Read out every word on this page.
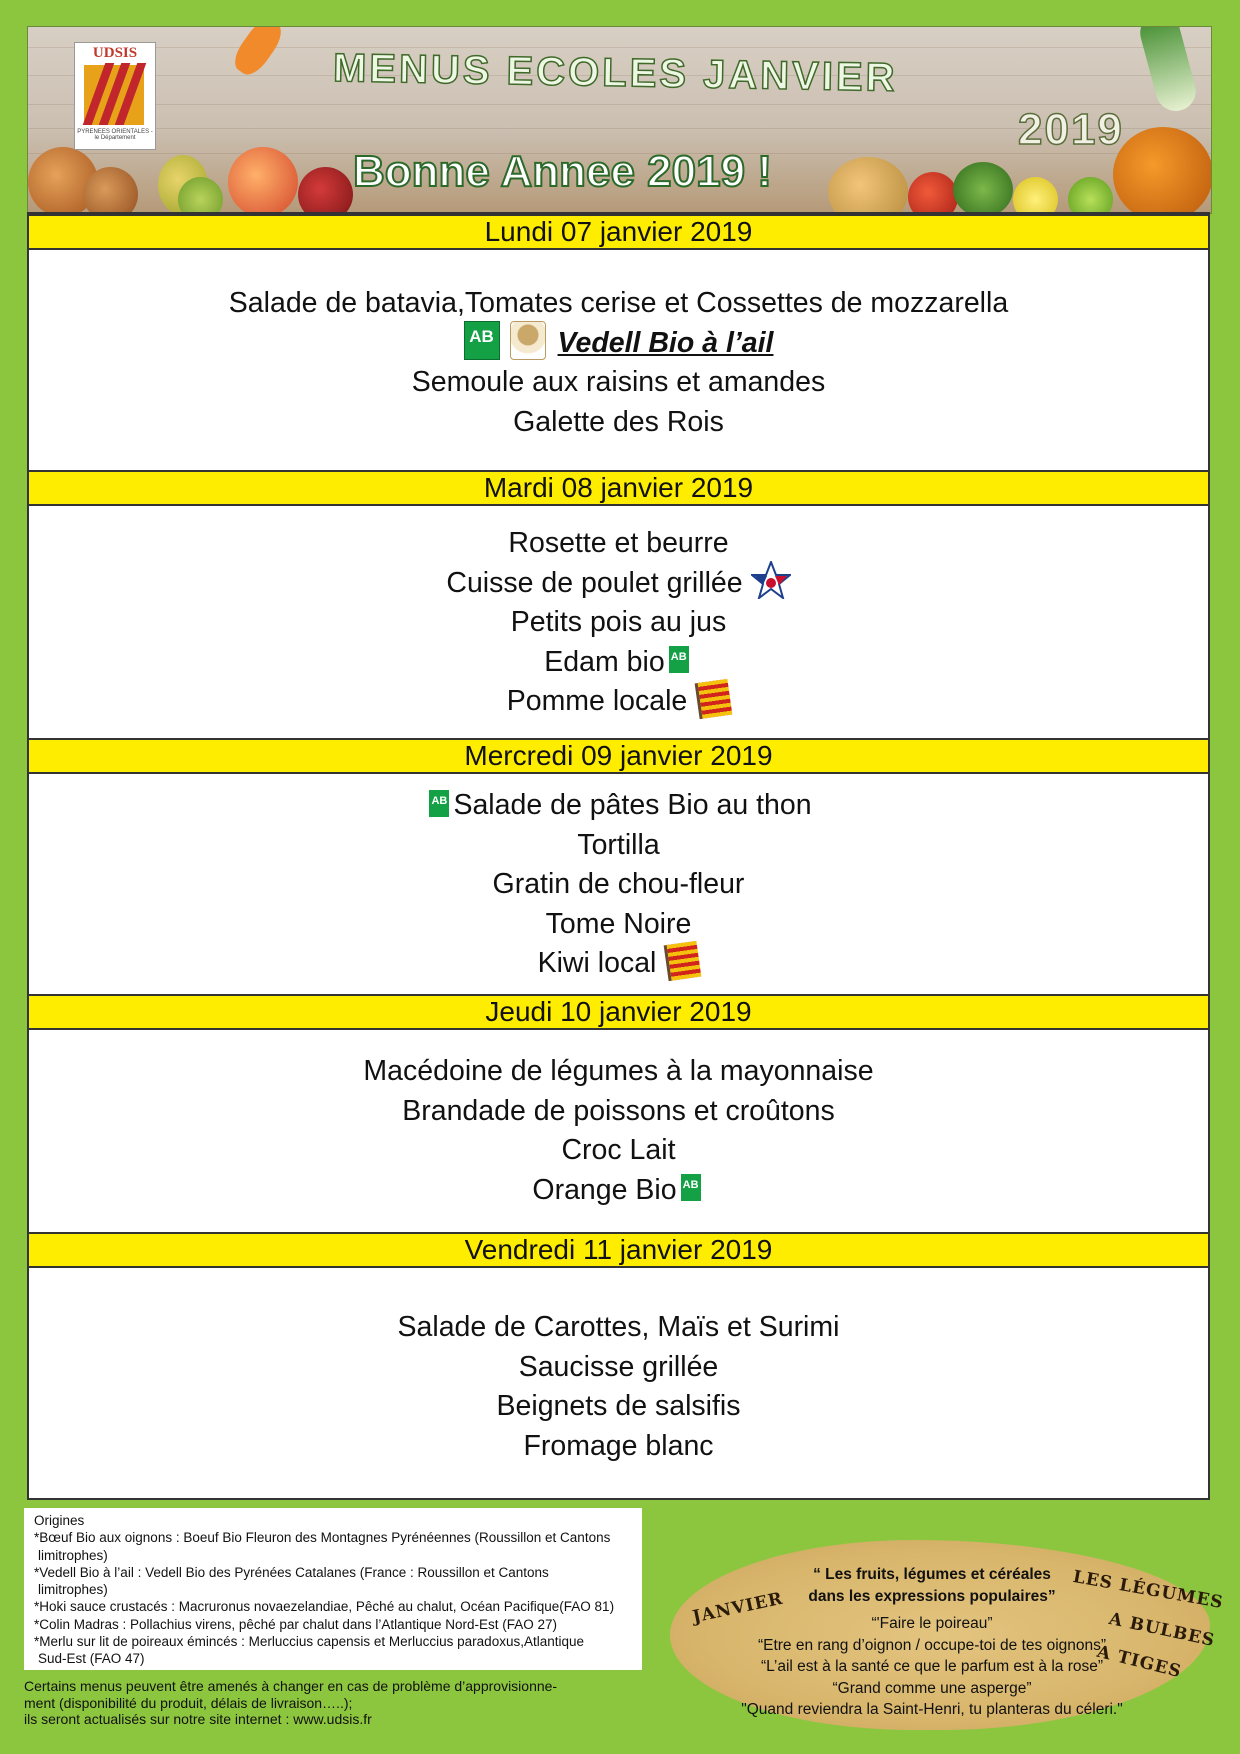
UDSIS
PYRENEES ORIENTALES - le Département
MENUS ECOLES JANVIER
2019
Bonne Annee 2019 !
Lundi 07 janvier 2019
Salade de batavia,Tomates cerise et Cossettes de mozzarella
AB Vedell Bio à l’ail
Semoule aux raisins et amandes
Galette des Rois
Mardi 08 janvier 2019
Rosette et beurre
Cuisse de poulet grillée
Petits pois au jus
Edam bio AB
Pomme locale
Mercredi 09 janvier 2019
AB Salade de pâtes Bio au thon
Tortilla
Gratin de chou-fleur
Tome Noire
Kiwi local
Jeudi 10 janvier 2019
Macédoine de légumes à la mayonnaise
Brandade de poissons et croûtons
Croc Lait
Orange Bio AB
Vendredi 11 janvier 2019
Salade de Carottes, Maïs et Surimi
Saucisse grillée
Beignets de salsifis
Fromage blanc
Origines
*Bœuf Bio aux oignons : Boeuf Bio Fleuron des Montagnes Pyrénéennes (Roussillon et Cantons
limitrophes)
*Vedell Bio à l’ail : Vedell Bio des Pyrénées Catalanes (France : Roussillon et Cantons
limitrophes)
*Hoki sauce crustacés : Macruronus novaezelandiae, Pêché au chalut, Océan Pacifique(FAO 81)
*Colin Madras : Pollachius virens, pêché par chalut dans l’Atlantique Nord-Est (FAO 27)
*Merlu sur lit de poireaux émincés : Merluccius capensis et Merluccius paradoxus,Atlantique
Sud-Est (FAO 47)
Certains menus peuvent être amenés à changer en cas de problème d’approvisionne-
ment (disponibilité du produit, délais de livraison…..);
ils seront actualisés sur notre site internet : www.udsis.fr
JANVIER	LES LÉGUMES
A BULBES
A TIGES
“ Les fruits, légumes et céréales
dans les expressions populaires”
“'Faire le poireau”
“Etre en rang d’oignon / occupe-toi de tes oignons”
“L’ail est à la santé ce que le parfum est à la rose”
“Grand comme une asperge”
"Quand reviendra la Saint-Henri, tu planteras du céleri."
